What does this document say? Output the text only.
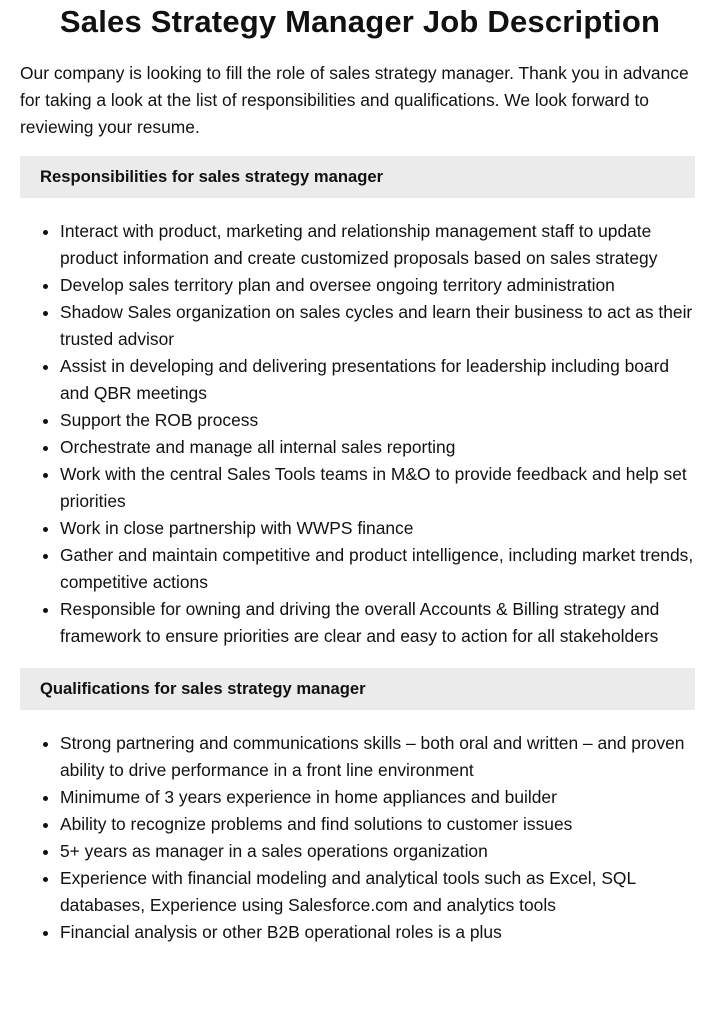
Sales Strategy Manager Job Description

Our company is looking to fill the role of sales strategy manager. Thank you in advance for taking a look at the list of responsibilities and qualifications. We look forward to reviewing your resume.

Responsibilities for sales strategy manager
• Interact with product, marketing and relationship management staff to update product information and create customized proposals based on sales strategy
• Develop sales territory plan and oversee ongoing territory administration
• Shadow Sales organization on sales cycles and learn their business to act as their trusted advisor
• Assist in developing and delivering presentations for leadership including board and QBR meetings
• Support the ROB process
• Orchestrate and manage all internal sales reporting
• Work with the central Sales Tools teams in M&O to provide feedback and help set priorities
• Work in close partnership with WWPS finance
• Gather and maintain competitive and product intelligence, including market trends, competitive actions
• Responsible for owning and driving the overall Accounts & Billing strategy and framework to ensure priorities are clear and easy to action for all stakeholders
Qualifications for sales strategy manager
• Strong partnering and communications skills – both oral and written – and proven ability to drive performance in a front line environment
• Minimume of 3 years experience in home appliances and builder
• Ability to recognize problems and find solutions to customer issues
• 5+ years as manager in a sales operations organization
• Experience with financial modeling and analytical tools such as Excel, SQL databases, Experience using Salesforce.com and analytics tools
• Financial analysis or other B2B operational roles is a plus
